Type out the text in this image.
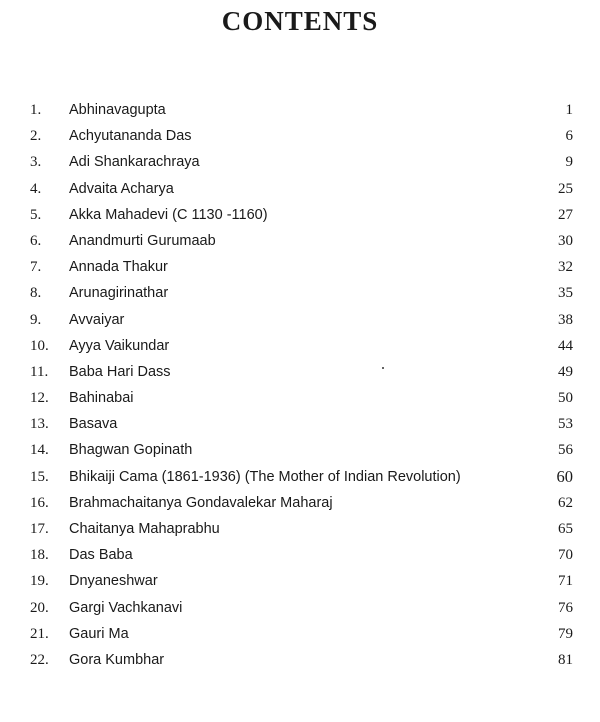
CONTENTS
1.	Abhinavagupta	1
2.	Achyutananda Das	6
3.	Adi Shankarachraya	9
4.	Advaita Acharya	25
5.	Akka Mahadevi (C 1130 -1160)	27
6.	Anandmurti Gurumaab	30
7.	Annada Thakur	32
8.	Arunagirinathar	35
9.	Avvaiyar	38
10.	Ayya Vaikundar	44
11.	Baba Hari Dass	49
12.	Bahinabai	50
13.	Basava	53
14.	Bhagwan Gopinath	56
15.	Bhikaiji Cama (1861-1936) (The Mother of Indian Revolution)	60
16.	Brahmachaitanya Gondavalekar Maharaj	62
17.	Chaitanya Mahaprabhu	65
18.	Das Baba	70
19.	Dnyaneshwar	71
20.	Gargi Vachkanavi	76
21.	Gauri Ma	79
22.	Gora Kumbhar	81
